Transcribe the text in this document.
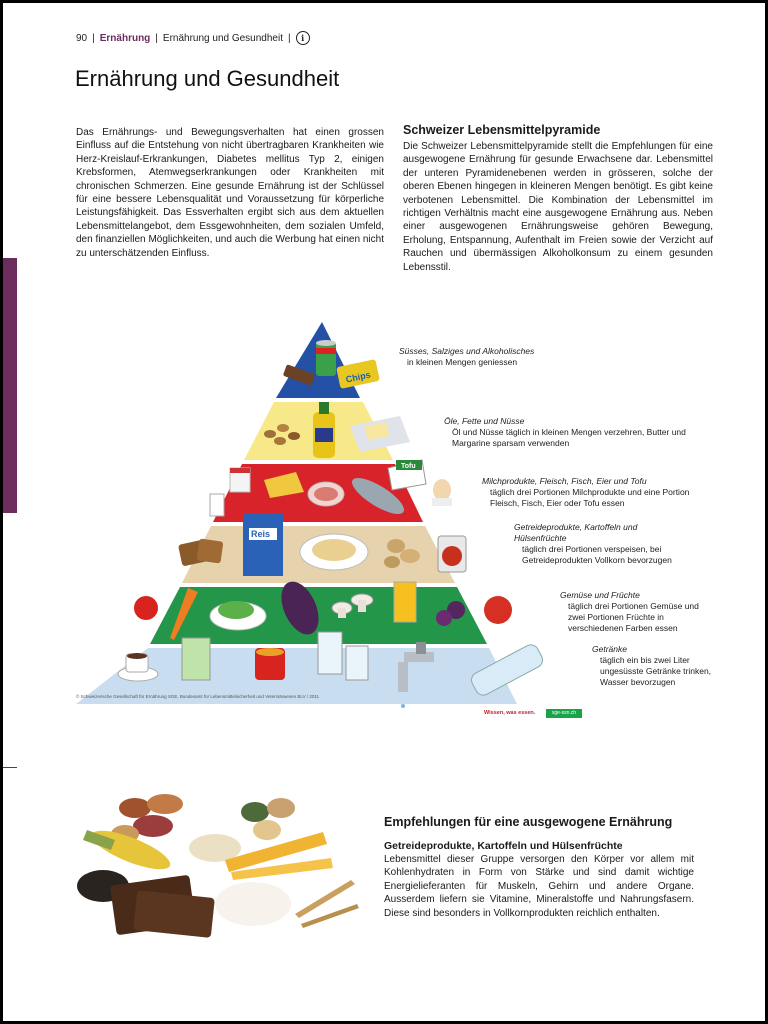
90 | Ernährung | Ernährung und Gesundheit |	i
Ernährung und Gesundheit
Das Ernährungs- und Bewegungsverhalten hat einen grossen Einfluss auf die Entstehung von nicht übertragbaren Krankheiten wie Herz-Kreislauf-Erkrankungen, Diabetes mellitus Typ 2, einigen Krebsformen, Atemwegserkrankungen oder Krankheiten mit chronischen Schmerzen. Eine gesunde Ernährung ist der Schlüssel für eine bessere Lebensqualität und Voraussetzung für körperliche Leistungsfähigkeit. Das Essverhalten ergibt sich aus dem aktuellen Lebensmittelangebot, dem Essgewohnheiten, dem sozialen Umfeld, den finanziellen Möglichkeiten, und auch die Werbung hat einen nicht zu unterschätzenden Einfluss.
Schweizer Lebensmittelpyramide

Die Schweizer Lebensmittelpyramide stellt die Empfehlungen für eine ausgewogene Ernährung für gesunde Erwachsene dar. Lebensmittel der unteren Pyramidenebenen werden in grösseren, solche der oberen Ebenen hingegen in kleineren Mengen benötigt. Es gibt keine verbotenen Lebensmittel. Die Kombination der Lebensmittel im richtigen Verhältnis macht eine ausgewogene Ernährung aus. Neben einer ausgewogenen Ernährungsweise gehören Bewegung, Erholung, Entspannung, Aufenthalt im Freien sowie der Verzicht auf Rauchen und übermässigen Alkoholkonsum zu einem gesunden Lebensstil.

Chips
Tofu
Reis
Süsses, Salziges und Alkoholisches
in kleinen Mengen geniessen
Öle, Fette und Nüsse
Öl und Nüsse täglich in kleinen Mengen verzehren, Butter und Margarine sparsam verwenden
Milchprodukte, Fleisch, Fisch, Eier und Tofu
täglich drei Portionen Milchprodukte und eine Portion Fleisch, Fisch, Eier oder Tofu essen
Getreideprodukte, Kartoffeln und Hülsenfrüchte
täglich drei Portionen verspeisen, bei Getreideprodukten Vollkorn bevorzugen
Gemüse und Früchte
täglich drei Portionen Gemüse und zwei Portionen Früchte in verschiedenen Farben essen
Getränke
täglich ein bis zwei Liter ungesüsste Getränke trinken, Wasser bevorzugen
© Schweizerische Gesellschaft für Ernährung SGE, Bundesamt für Lebensmittelsicherheit und Veterinärwesen BLV / 2011
Wissen, was essen.	sge-ssn.ch
Empfehlungen für eine ausgewogene Ernährung
Getreideprodukte, Kartoffeln und Hülsenfrüchte

Lebensmittel dieser Gruppe versorgen den Körper vor allem mit Kohlenhydraten in Form von Stärke und sind damit wichtige Energielieferanten für Muskeln, Gehirn und andere Organe. Ausserdem liefern sie Vitamine, Mineralstoffe und Nahrungsfasern. Diese sind besonders in Vollkornprodukten reichlich enthalten.
